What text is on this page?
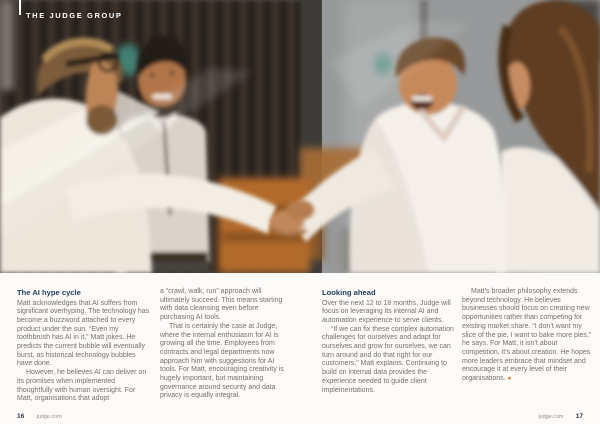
THE JUDGE GROUP
The AI hype cycle

Matt acknowledges that AI suffers from significant overhyping. The technology has become a buzzword attached to every product under the sun. “Even my toothbrush has AI in it,” Matt jokes. He predicts the current bubble will eventually burst, as historical technology bubbles have done.

However, he believes AI can deliver on its promises when implemented thoughtfully with human oversight. For Matt, organisations that adopt

a “crawl, walk, run” approach will ultimately succeed. This means starting with data cleansing even before purchasing AI tools.

That is certainly the case at Judge, where the internal enthusiasm for AI is growing all the time. Employees from contracts and legal departments now approach him with suggestions for AI tools. For Matt, encouraging creativity is hugely important, but maintaining governance around security and data privacy is equally integral.

Looking ahead

Over the next 12 to 18 months, Judge will focus on leveraging its internal AI and automation experience to serve clients.

“If we can fix these complex automation challenges for ourselves and adapt for ourselves and grow for ourselves, we can turn around and do that right for our customers,” Matt explains. Continuing to build on internal data provides the experience needed to guide client implementations.

Matt’s broader philosophy extends beyond technology. He believes businesses should focus on creating new opportunities rather than competing for existing market share. “I don’t want my slice of the pie, I want to bake more pies,” he says. For Matt, it isn’t about competition, it’s about creation. He hopes more leaders embrace that mindset and encourage it at every level of their organisations. ●

16 judge.com	judge.com 17
